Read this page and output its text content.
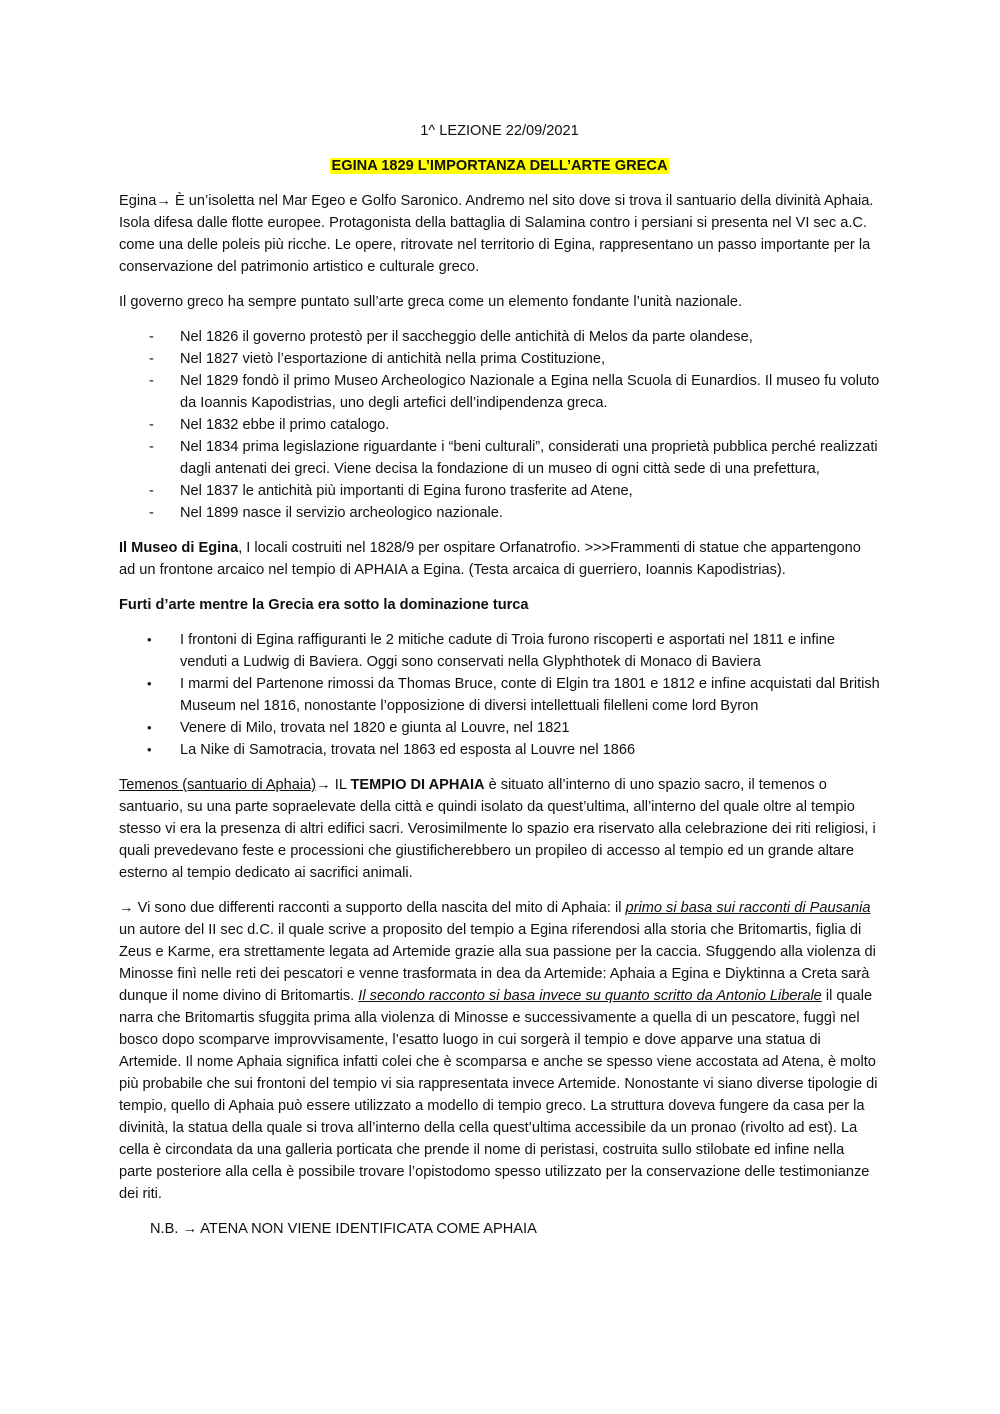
1^ LEZIONE 22/09/2021

EGINA 1829 L’IMPORTANZA DELL’ARTE GRECA

Egina→ È un’isoletta nel Mar Egeo e Golfo Saronico. Andremo nel sito dove si trova il santuario della divinità Aphaia. Isola difesa dalle flotte europee. Protagonista della battaglia di Salamina contro i persiani si presenta nel VI sec a.C. come una delle poleis più ricche. Le opere, ritrovate nel territorio di Egina, rappresentano un passo importante per la conservazione del patrimonio artistico e culturale greco.

Il governo greco ha sempre puntato sull’arte greca come un elemento fondante l’unità nazionale.

- Nel 1826 il governo protestò per il saccheggio delle antichità di Melos da parte olandese,
- Nel 1827 vietò l’esportazione di antichità nella prima Costituzione,
- Nel 1829 fondò il primo Museo Archeologico Nazionale a Egina nella Scuola di Eunardios. Il museo fu voluto da Ioannis Kapodistrias, uno degli artefici dell’indipendenza greca.
- Nel 1832 ebbe il primo catalogo.
- Nel 1834 prima legislazione riguardante i “beni culturali”, considerati una proprietà pubblica perché realizzati dagli antenati dei greci. Viene decisa la fondazione di un museo di ogni città sede di una prefettura,
- Nel 1837 le antichità più importanti di Egina furono trasferite ad Atene,
- Nel 1899 nasce il servizio archeologico nazionale.

Il Museo di Egina, I locali costruiti nel 1828/9 per ospitare Orfanatrofio. >>>Frammenti di statue che appartengono ad un frontone arcaico nel tempio di APHAIA a Egina. (Testa arcaica di guerriero, Ioannis Kapodistrias).

Furti d’arte mentre la Grecia era sotto la dominazione turca

• I frontoni di Egina raffiguranti le 2 mitiche cadute di Troia furono riscoperti e asportati nel 1811 e infine venduti a Ludwig di Baviera. Oggi sono conservati nella Glyphthotek di Monaco di Baviera
• I marmi del Partenone rimossi da Thomas Bruce, conte di Elgin tra 1801 e 1812 e infine acquistati dal British Museum nel 1816, nonostante l’opposizione di diversi intellettuali filelleni come lord Byron
• Venere di Milo, trovata nel 1820 e giunta al Louvre, nel 1821
• La Nike di Samotracia, trovata nel 1863 ed esposta al Louvre nel 1866

Temenos (santuario di Aphaia)→ IL TEMPIO DI APHAIA è situato all’interno di uno spazio sacro, il temenos o santuario, su una parte sopraelevate della città e quindi isolato da quest’ultima, all’interno del quale oltre al tempio stesso vi era la presenza di altri edifici sacri. Verosimilmente lo spazio era riservato alla celebrazione dei riti religiosi, i quali prevedevano feste e processioni che giustificherebbero un propileo di accesso al tempio ed un grande altare esterno al tempio dedicato ai sacrifici animali.

→ Vi sono due differenti racconti a supporto della nascita del mito di Aphaia: il primo si basa sui racconti di Pausania un autore del II sec d.C. il quale scrive a proposito del tempio a Egina riferendosi alla storia che Britomartis, figlia di Zeus e Karme, era strettamente legata ad Artemide grazie alla sua passione per la caccia. Sfuggendo alla violenza di Minosse finì nelle reti dei pescatori e venne trasformata in dea da Artemide: Aphaia a Egina e Diyktinna a Creta sarà dunque il nome divino di Britomartis. Il secondo racconto si basa invece su quanto scritto da Antonio Liberale il quale narra che Britomartis sfuggita prima alla violenza di Minosse e successivamente a quella di un pescatore, fuggì nel bosco dopo scomparve improvvisamente, l’esatto luogo in cui sorgerà il tempio e dove apparve una statua di Artemide. Il nome Aphaia significa infatti colei che è scomparsa e anche se spesso viene accostata ad Atena, è molto più probabile che sui frontoni del tempio vi sia rappresentata invece Artemide. Nonostante vi siano diverse tipologie di tempio, quello di Aphaia può essere utilizzato a modello di tempio greco. La struttura doveva fungere da casa per la divinità, la statua della quale si trova all’interno della cella quest’ultima accessibile da un pronao (rivolto ad est). La cella è circondata da una galleria porticata che prende il nome di peristasi, costruita sullo stilobate ed infine nella parte posteriore alla cella è possibile trovare l’opistodomo spesso utilizzato per la conservazione delle testimonianze dei riti.

N.B. → ATENA NON VIENE IDENTIFICATA COME APHAIA
